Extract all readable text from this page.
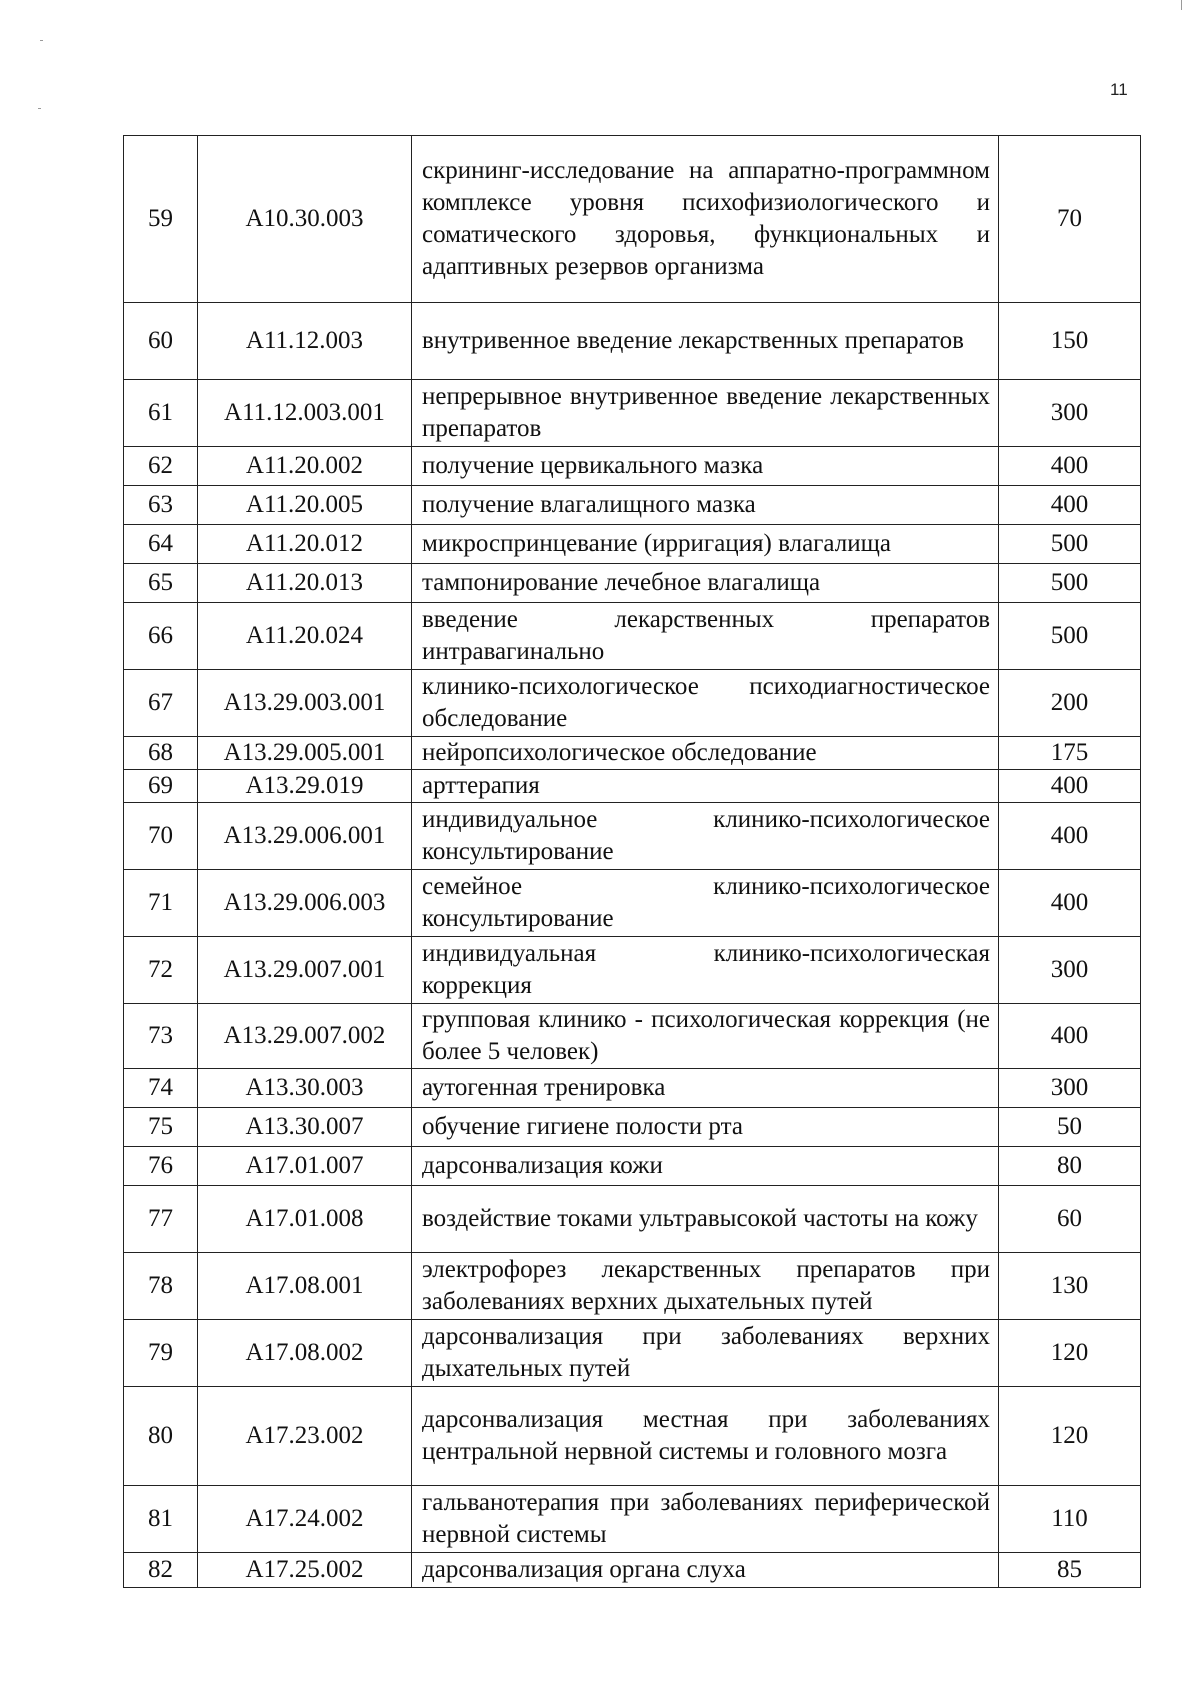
11
59	A10.30.003	скрининг-исследование на аппаратно-программном комплексе уровня психофизиологического и соматического здоровья, функциональных и адаптивных резервов организма	70
60	A11.12.003	внутривенное введение лекарственных препаратов	150
61	A11.12.003.001	непрерывное внутривенное введение лекарственных препаратов	300
62	A11.20.002	получение цервикального мазка	400
63	A11.20.005	получение влагалищного мазка	400
64	A11.20.012	микроспринцевание (ирригация) влагалища	500
65	A11.20.013	тампонирование лечебное влагалища	500
66	A11.20.024	введение лекарственных препаратов интравагинально	500
67	A13.29.003.001	клинико-психологическое психодиагностическое обследование	200
68	A13.29.005.001	нейропсихологическое обследование	175
69	A13.29.019	арттерапия	400
70	A13.29.006.001	индивидуальное клинико-психологическое консультирование	400
71	A13.29.006.003	семейное клинико-психологическое консультирование	400
72	A13.29.007.001	индивидуальная клинико-психологическая коррекция	300
73	A13.29.007.002	групповая клинико - психологическая коррекция (не более 5 человек)	400
74	A13.30.003	аутогенная тренировка	300
75	A13.30.007	обучение гигиене полости рта	50
76	A17.01.007	дарсонвализация кожи	80
77	A17.01.008	воздействие токами ультравысокой частоты на кожу	60
78	A17.08.001	электрофорез лекарственных препаратов при заболеваниях верхних дыхательных путей	130
79	A17.08.002	дарсонвализация при заболеваниях верхних дыхательных путей	120
80	A17.23.002	дарсонвализация местная при заболеваниях центральной нервной системы и головного мозга	120
81	A17.24.002	гальванотерапия при заболеваниях периферической нервной системы	110
82	A17.25.002	дарсонвализация органа слуха	85
